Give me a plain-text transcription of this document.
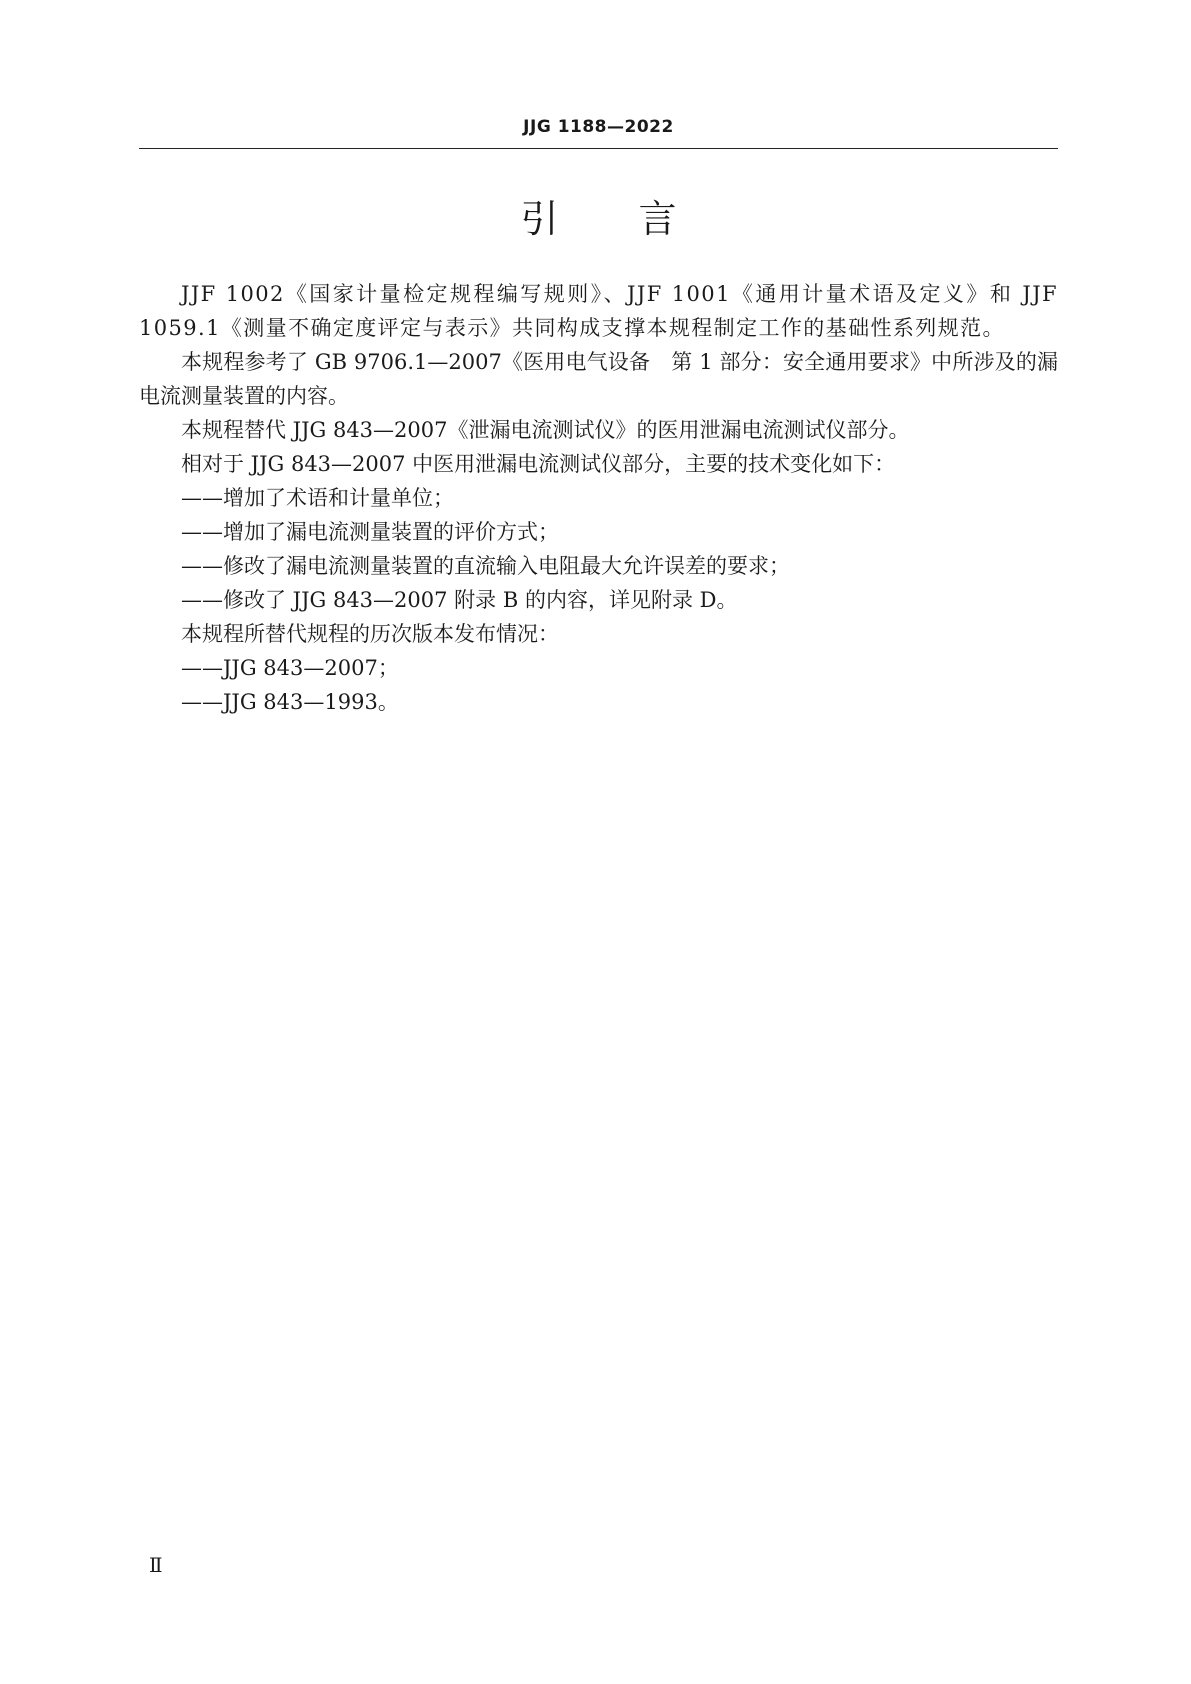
JJG 1188—2022
引 言

JJF 1002《国家计量检定规程编写规则》、JJF 1001《通用计量术语及定义》和 JJF 1059.1《测量不确定度评定与表示》共同构成支撑本规程制定工作的基础性系列规范。

本规程参考了 GB 9706.1—2007《医用电气设备　第 1 部分：安全通用要求》中所涉及的漏电流测量装置的内容。

本规程替代 JJG 843—2007《泄漏电流测试仪》的医用泄漏电流测试仪部分。

相对于 JJG 843—2007 中医用泄漏电流测试仪部分，主要的技术变化如下：

——增加了术语和计量单位；

——增加了漏电流测量装置的评价方式；

——修改了漏电流测量装置的直流输入电阻最大允许误差的要求；

——修改了 JJG 843—2007 附录 B 的内容，详见附录 D。

本规程所替代规程的历次版本发布情况：

——JJG 843—2007；

——JJG 843—1993。

Ⅱ
